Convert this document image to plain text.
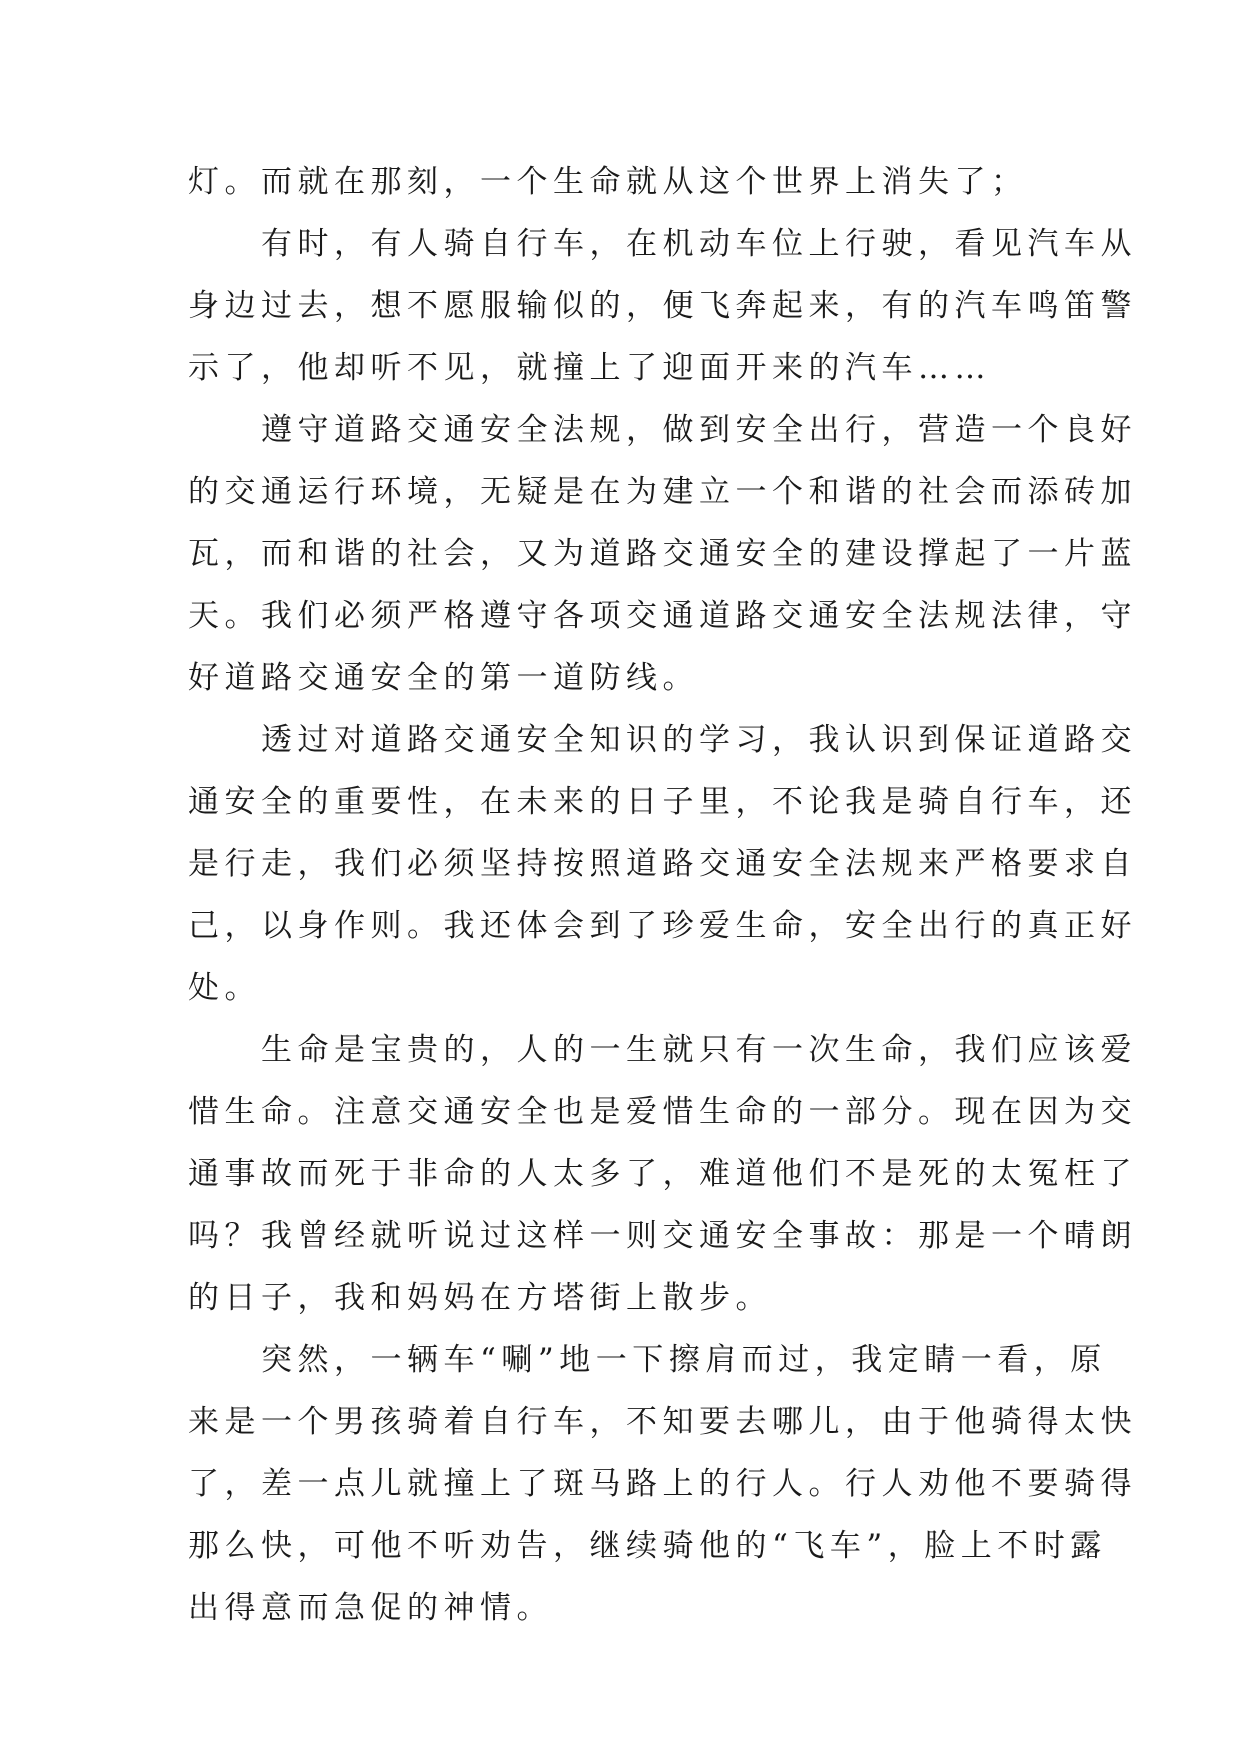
灯。而就在那刻，一个生命就从这个世界上消失了；
　　有时，有人骑自行车，在机动车位上行驶，看见汽车从
身边过去，想不愿服输似的，便飞奔起来，有的汽车鸣笛警
示了，他却听不见，就撞上了迎面开来的汽车……
　　遵守道路交通安全法规，做到安全出行，营造一个良好
的交通运行环境，无疑是在为建立一个和谐的社会而添砖加
瓦，而和谐的社会，又为道路交通安全的建设撑起了一片蓝
天。我们必须严格遵守各项交通道路交通安全法规法律，守
好道路交通安全的第一道防线。
　　透过对道路交通安全知识的学习，我认识到保证道路交
通安全的重要性，在未来的日子里，不论我是骑自行车，还
是行走，我们必须坚持按照道路交通安全法规来严格要求自
己，以身作则。我还体会到了珍爱生命，安全出行的真正好
处。
　　生命是宝贵的，人的一生就只有一次生命，我们应该爱
惜生命。注意交通安全也是爱惜生命的一部分。现在因为交
通事故而死于非命的人太多了，难道他们不是死的太冤枉了
吗？我曾经就听说过这样一则交通安全事故：那是一个晴朗
的日子，我和妈妈在方塔街上散步。
　　突然，一辆车“唰”地一下擦肩而过，我定睛一看，原
来是一个男孩骑着自行车，不知要去哪儿，由于他骑得太快
了，差一点儿就撞上了斑马路上的行人。行人劝他不要骑得
那么快，可他不听劝告，继续骑他的“飞车”，脸上不时露
出得意而急促的神情。
